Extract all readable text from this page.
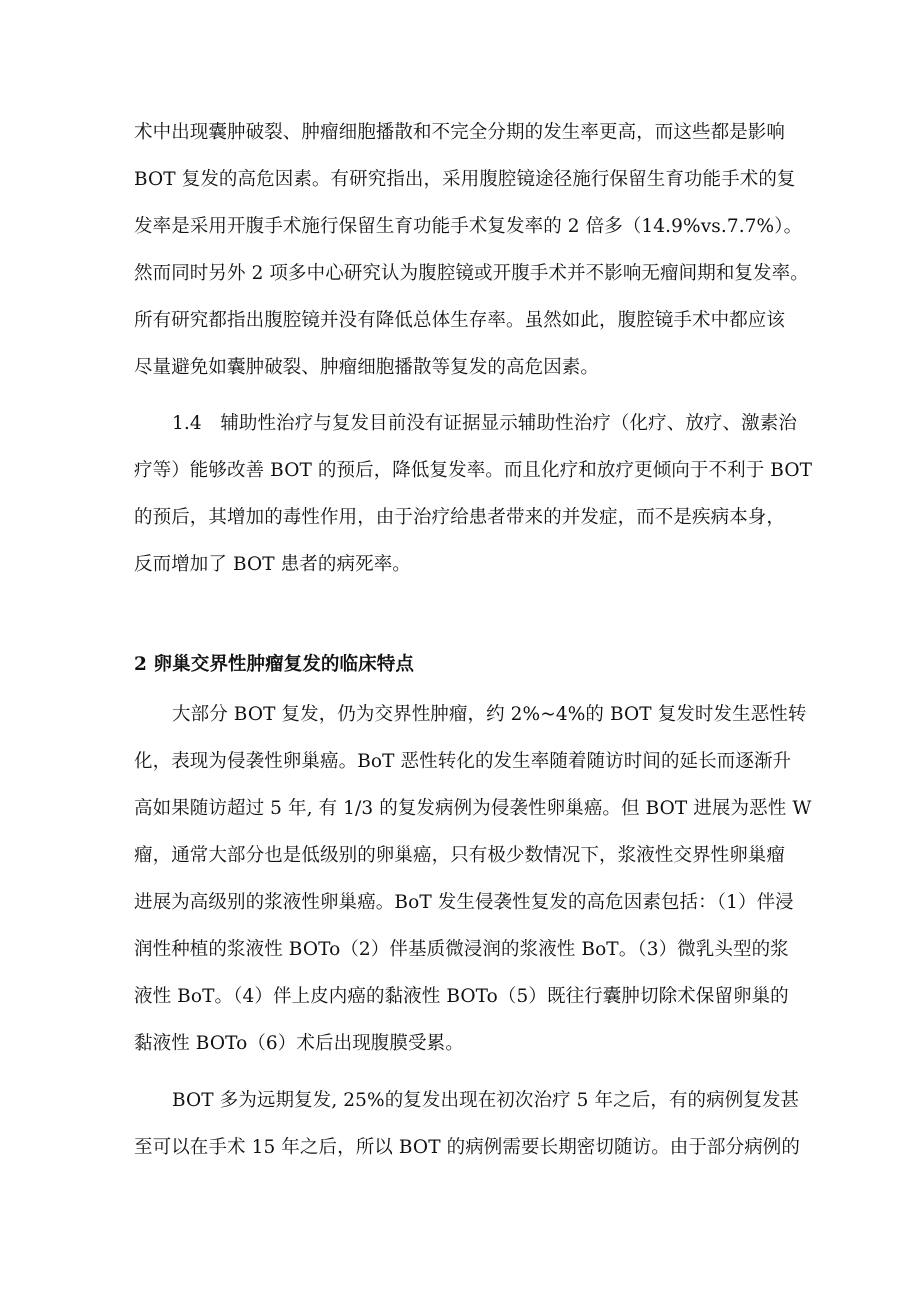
术中出现囊肿破裂、肿瘤细胞播散和不完全分期的发生率更高，而这些都是影响
BOT 复发的高危因素。有研究指出，采用腹腔镜途径施行保留生育功能手术的复
发率是采用开腹手术施行保留生育功能手术复发率的 2 倍多（14.9%vs.7.7%）。
然而同时另外 2 项多中心研究认为腹腔镜或开腹手术并不影响无瘤间期和复发率。
所有研究都指出腹腔镜并没有降低总体生存率。虽然如此，腹腔镜手术中都应该
尽量避免如囊肿破裂、肿瘤细胞播散等复发的高危因素。
1.4　辅助性治疗与复发目前没有证据显示辅助性治疗（化疗、放疗、激素治
疗等）能够改善 BOT 的预后，降低复发率。而且化疗和放疗更倾向于不利于 BOT
的预后，其增加的毒性作用，由于治疗给患者带来的并发症，而不是疾病本身，
反而增加了 BOT 患者的病死率。
2 卵巢交界性肿瘤复发的临床特点
大部分 BOT 复发，仍为交界性肿瘤，约 2%~4%的 BOT 复发时发生恶性转
化，表现为侵袭性卵巢癌。BoT 恶性转化的发生率随着随访时间的延长而逐渐升
高如果随访超过 5 年, 有 1/3 的复发病例为侵袭性卵巢癌。但 BOT 进展为恶性 W
瘤，通常大部分也是低级别的卵巢癌，只有极少数情况下，浆液性交界性卵巢瘤
进展为高级别的浆液性卵巢癌。BoT 发生侵袭性复发的高危因素包括：（1）伴浸
润性种植的浆液性 BOTo（2）伴基质微浸润的浆液性 BoT。（3）微乳头型的浆
液性 BoT。（4）伴上皮内癌的黏液性 BOTo（5）既往行囊肿切除术保留卵巢的
黏液性 BOTo（6）术后出现腹膜受累。
BOT 多为远期复发, 25%的复发出现在初次治疗 5 年之后，有的病例复发甚
至可以在手术 15 年之后，所以 BOT 的病例需要长期密切随访。由于部分病例的
